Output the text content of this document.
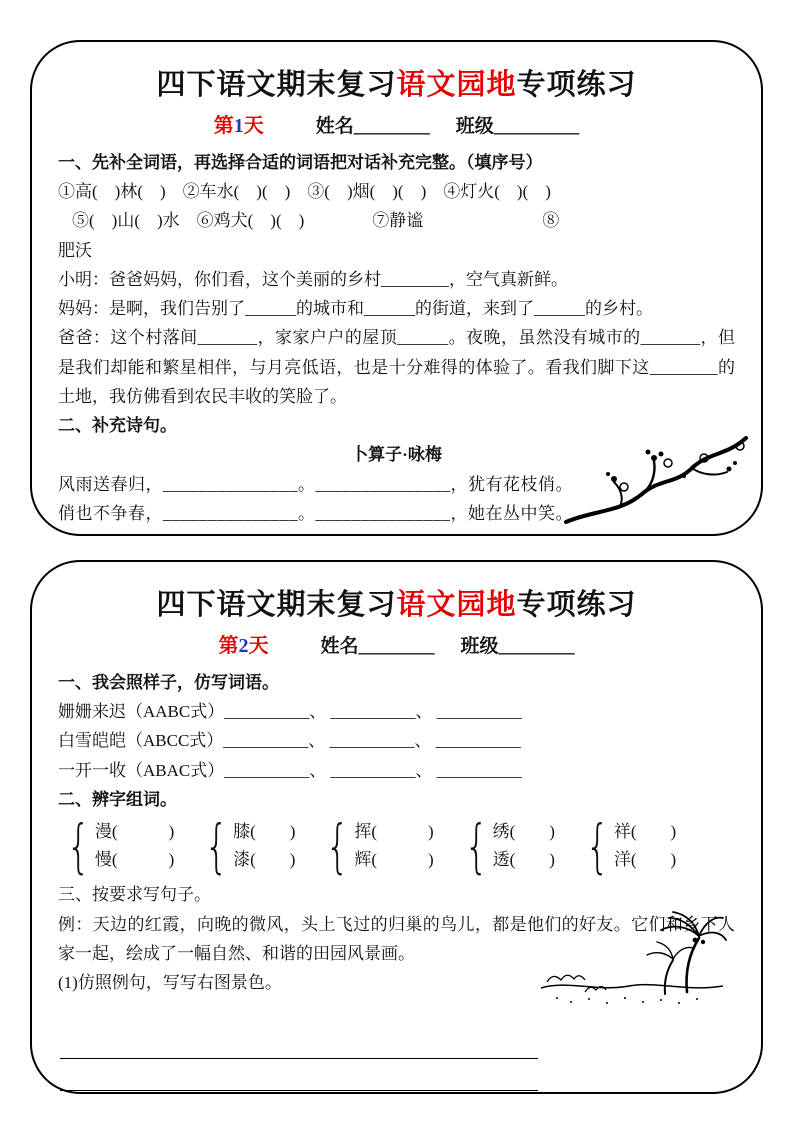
四下语文期末复习语文园地专项练习
第1天	姓名________ 班级_________

一、先补全词语，再选择合适的词语把对话补充完整。（填序号）

①高(　)林(　)　②车水(　)(　)　③(　)烟(　)(　)　④灯火(　)(　)

⑤(　)山(　)水　⑥鸡犬(　)(　)　　　　⑦静谧　　　　　　　⑧

肥沃

小明：爸爸妈妈，你们看，这个美丽的乡村________，空气真新鲜。

妈妈：是啊，我们告别了______的城市和______的街道，来到了______的乡村。

爸爸：这个村落间_______，家家户户的屋顶______。夜晚，虽然没有城市的_______，但是我们却能和繁星相伴，与月亮低语，也是十分难得的体验了。看我们脚下这________的土地，我仿佛看到农民丰收的笑脸了。

二、补充诗句。

卜算子·咏梅

风雨送春归，_______________。_______________，犹有花枝俏。

俏也不争春，_______________。_______________，她在丛中笑。

四下语文期末复习语文园地专项练习
第2天	姓名________ 班级________

一、我会照样子，仿写词语。

姗姗来迟（AABC式）__________、 __________、 __________

白雪皑皑（ABCC式）__________、 __________、 __________

一开一收（ABAC式）__________、 __________、 __________

二、辨字组词。

{ 漫(　　　)
慢(　　　) { 膝(　　)
漆(　　) { 挥(　　　)
辉(　　　) { 绣(　　)
透(　　) { 祥(　　)
洋(　　)

三、按要求写句子。

例：天边的红霞，向晚的微风，头上飞过的归巢的鸟儿，都是他们的好友。它们和乡下人家一起，绘成了一幅自然、和谐的田园风景画。

(1)仿照例句，写写右图景色。
